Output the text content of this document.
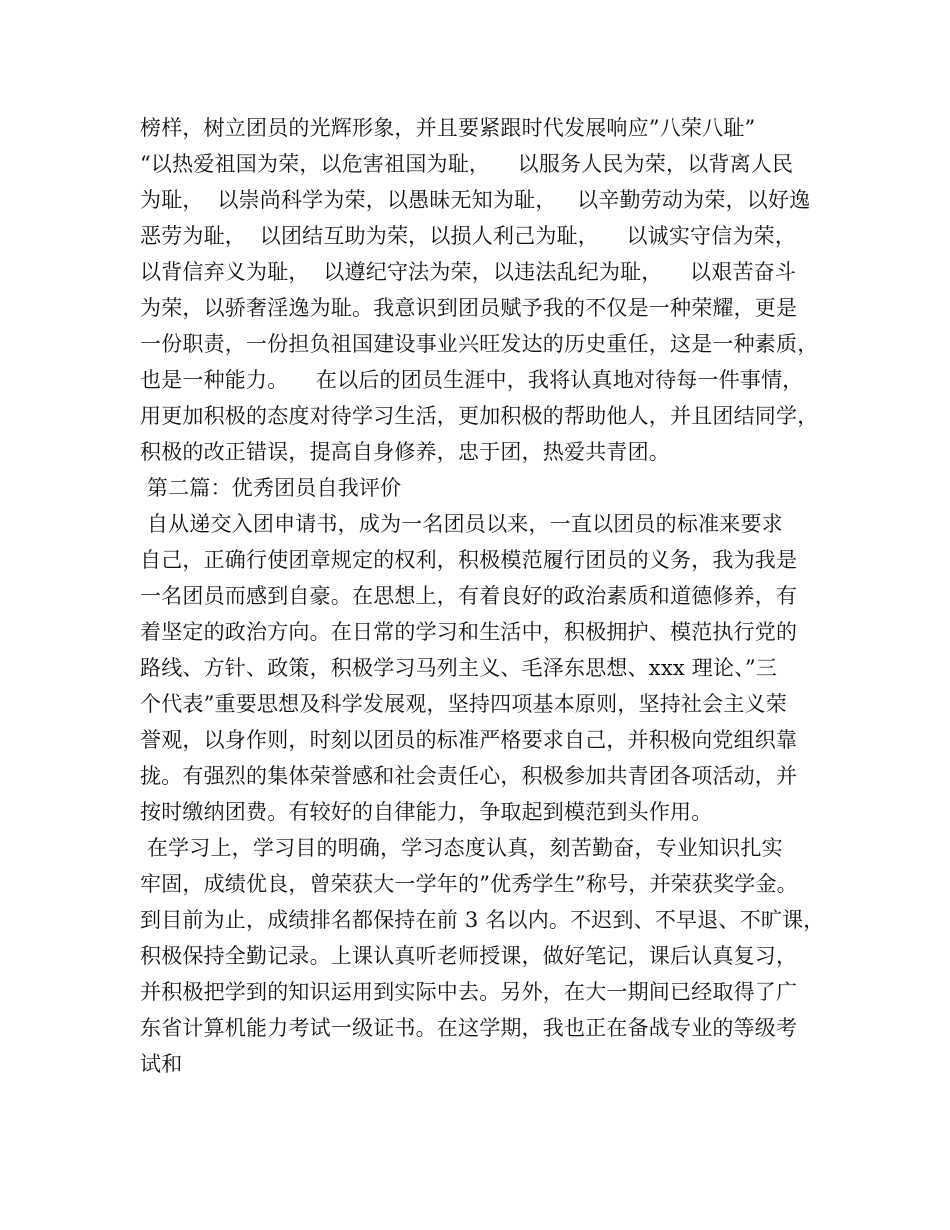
榜样，树立团员的光辉形象，并且要紧跟时代发展响应”八荣八耻”
“以热爱祖国为荣，以危害祖国为耻，    以服务人民为荣，以背离人民
为耻，  以崇尚科学为荣，以愚昧无知为耻，   以辛勤劳动为荣，以好逸
恶劳为耻，  以团结互助为荣，以损人利己为耻，    以诚实守信为荣，
以背信弃义为耻，  以遵纪守法为荣，以违法乱纪为耻，    以艰苦奋斗
为荣，以骄奢淫逸为耻。我意识到团员赋予我的不仅是一种荣耀，更是
一份职责，一份担负祖国建设事业兴旺发达的历史重任，这是一种素质，
也是一种能力。    在以后的团员生涯中，我将认真地对待每一件事情，
用更加积极的态度对待学习生活，更加积极的帮助他人，并且团结同学，
积极的改正错误，提高自身修养，忠于团，热爱共青团。
第二篇：优秀团员自我评价
自从递交入团申请书，成为一名团员以来，一直以团员的标准来要求
自己，正确行使团章规定的权利，积极模范履行团员的义务，我为我是
一名团员而感到自豪。在思想上，有着良好的政治素质和道德修养，有
着坚定的政治方向。在日常的学习和生活中，积极拥护、模范执行党的
路线、方针、政策，积极学习马列主义、毛泽东思想、xxx 理论、”三
个代表”重要思想及科学发展观，坚持四项基本原则，坚持社会主义荣
誉观，以身作则，时刻以团员的标准严格要求自己，并积极向党组织靠
拢。有强烈的集体荣誉感和社会责任心，积极参加共青团各项活动，并
按时缴纳团费。有较好的自律能力，争取起到模范到头作用。
在学习上，学习目的明确，学习态度认真，刻苦勤奋，专业知识扎实
牢固，成绩优良，曾荣获大一学年的”优秀学生”称号，并荣获奖学金。
到目前为止，成绩排名都保持在前 3 名以内。不迟到、不早退、不旷课，
积极保持全勤记录。上课认真听老师授课，做好笔记，课后认真复习，
并积极把学到的知识运用到实际中去。另外，在大一期间已经取得了广
东省计算机能力考试一级证书。在这学期，我也正在备战专业的等级考
试和
